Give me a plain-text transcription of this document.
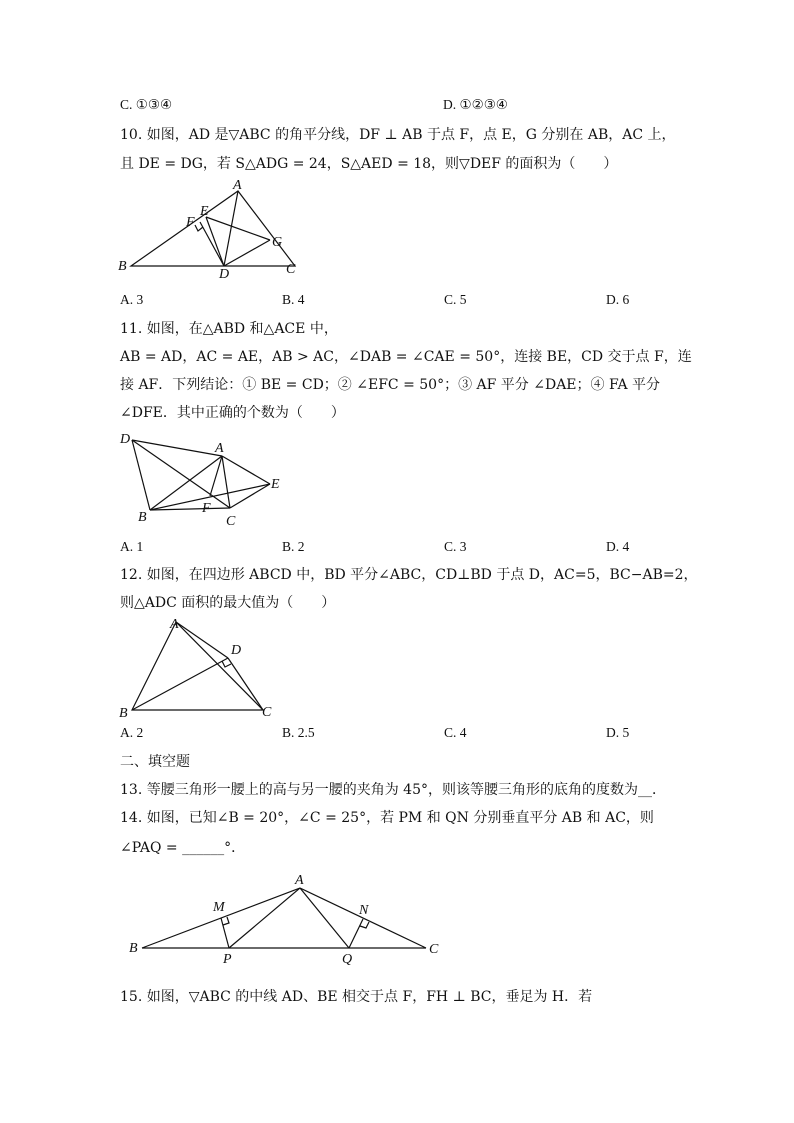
C. ①③④	D. ①②③④
10. 如图，AD 是▽ABC 的角平分线，DF ⊥ AB 于点 F，点 E，G 分别在 AB，AC 上，
且 DE = DG，若 S△ADG = 24，S△AED = 18，则▽DEF 的面积为（　　）
A
B	C
D
E
F
G
A. 3	B. 4	C. 5	D. 6
11. 如图，在△ABD 和△ACE 中，
AB = AD，AC = AE，AB > AC，∠DAB = ∠CAE = 50°，连接 BE，CD 交于点 F，连
接 AF．下列结论：① BE = CD；② ∠EFC = 50°；③ AF 平分 ∠DAE；④ FA 平分
∠DFE．其中正确的个数为（　　）
D
A
B	C
E
F
A. 1	B. 2	C. 3	D. 4
12. 如图，在四边形 ABCD 中，BD 平分∠ABC，CD⊥BD 于点 D，AC=5，BC−AB=2，
则△ADC 面积的最大值为（　　）
A
B	C
D
A. 2	B. 2.5	C. 4	D. 5
二、填空题
13. 等腰三角形一腰上的高与另一腰的夹角为 45°，则该等腰三角形的底角的度数为__．
14. 如图，已知∠B = 20°，∠C = 25°，若 PM 和 QN 分别垂直平分 AB 和 AC，则
∠PAQ = ______°．
A
B	C
M	N
P	Q
15. 如图，▽ABC 的中线 AD、BE 相交于点 F，FH ⊥ BC，垂足为 H．若
